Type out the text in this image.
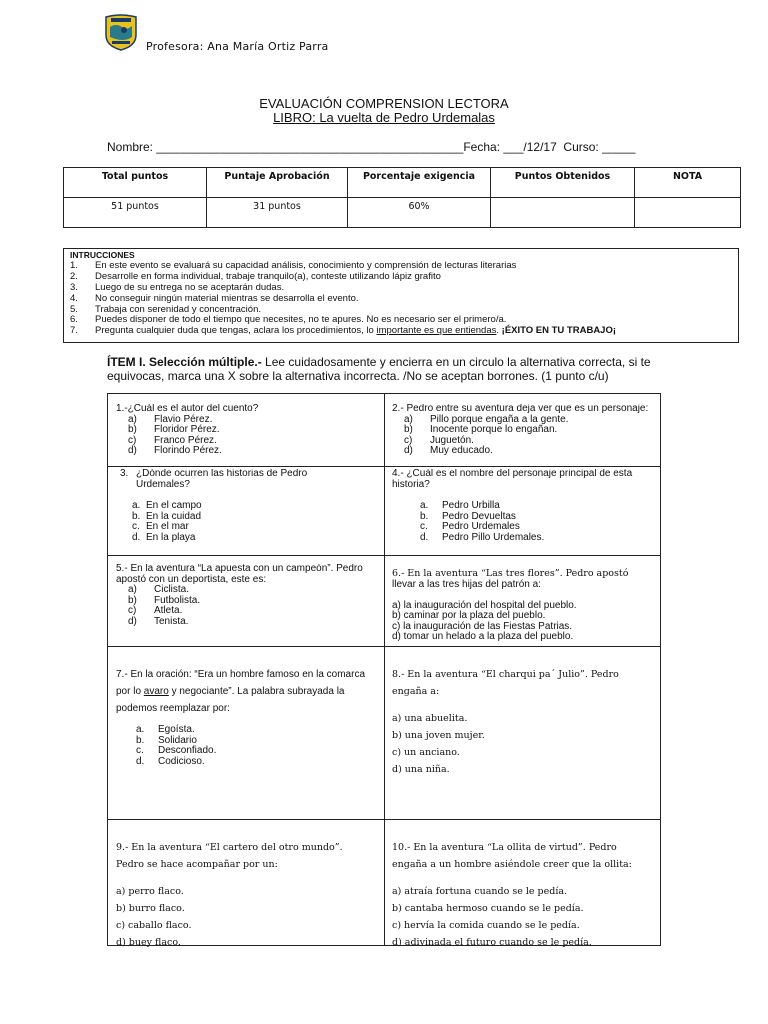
Profesora: Ana María Ortiz Parra
EVALUACIÓN COMPRENSION LECTORA
LIBRO: La vuelta de Pedro Urdemalas
Nombre: ______________________________________________Fecha: ___/12/17  Curso: _____
Total puntos	Puntaje Aprobación	Porcentaje exigencia	Puntos Obtenidos	NOTA
51 puntos	31 puntos	60%		
INTRUCCIONES
1.	En este evento se evaluará su capacidad análisis, conocimiento y comprensión de lecturas literarias
2.	Desarrolle en forma individual, trabaje tranquilo(a), conteste utilizando lápiz grafito
3.	Luego de su entrega no se aceptarán dudas.
4.	No conseguir ningún material mientras se desarrolla el evento.
5.	Trabaja con serenidad y concentración.
6.	Puedes disponer de todo el tiempo que necesites, no te apures. No es necesario ser el primero/a.
7.	Pregunta cualquier duda que tengas, aclara los procedimientos, lo importante es que entiendas. ¡ÉXITO EN TU TRABAJO¡
ÍTEM I. Selección múltiple.- Lee cuidadosamente y encierra en un circulo la alternativa correcta, si te equivocas, marca una X sobre la alternativa incorrecta. /No se aceptan borrones. (1 punto c/u)
1.-¿Cuál es el autor del cuento?
a)	Flavio Pérez.
b)	Floridor Pérez.
c)	Franco Pérez.
d)	Florindo Pérez.
2.- Pedro entre su aventura deja ver que es un personaje:
a)	Pillo porque engaña a la gente.
b)	Inocente porque lo engañan.
c)	Juguetón.
d)	Muy educado.
3. ¿Dónde ocurren las historias de Pedro Urdemales?
a. En el campo
b. En la cuidad
c. En el mar
d. En la playa
4.- ¿Cuál es el nombre del personaje principal de esta historia?
a.	Pedro Urbilla
b.	Pedro Devueltas
c.	Pedro Urdemales
d.	Pedro Pillo Urdemales.
5.- En la aventura “La apuesta con un campeón”. Pedro apostó con un deportista, este es:
a)	Ciclista.
b)	Futbolista.
c)	Atleta.
d)	Tenista.
6.- En la aventura “Las tres flores”. Pedro apostó
llevar a las tres hijas del patrón a:
a) la inauguración del hospital del pueblo.
b) caminar por la plaza del pueblo.
c) la inauguración de las Fiestas Patrias.
d) tomar un helado a la plaza del pueblo.
7.- En la oración: “Era un hombre famoso en la comarca por lo avaro y negociante”. La palabra subrayada la podemos reemplazar por:
a.	Egoísta.
b.	Solidario
c.	Desconfiado.
d.	Codicioso.
8.- En la aventura “El charqui pa´ Julio”. Pedro engaña a:
a) una abuelita.
b) una joven mujer.
c) un anciano.
d) una niña.
9.- En la aventura “El cartero del otro mundo”. Pedro se hace acompañar por un:
a) perro flaco.
b) burro flaco.
c) caballo flaco.
d) buey flaco.
10.- En la aventura “La ollita de virtud”. Pedro engaña a un hombre asiéndole creer que la ollita:
a) atraía fortuna cuando se le pedía.
b) cantaba hermoso cuando se le pedía.
c) hervía la comida cuando se le pedía.
d) adivinada el futuro cuando se le pedía.
